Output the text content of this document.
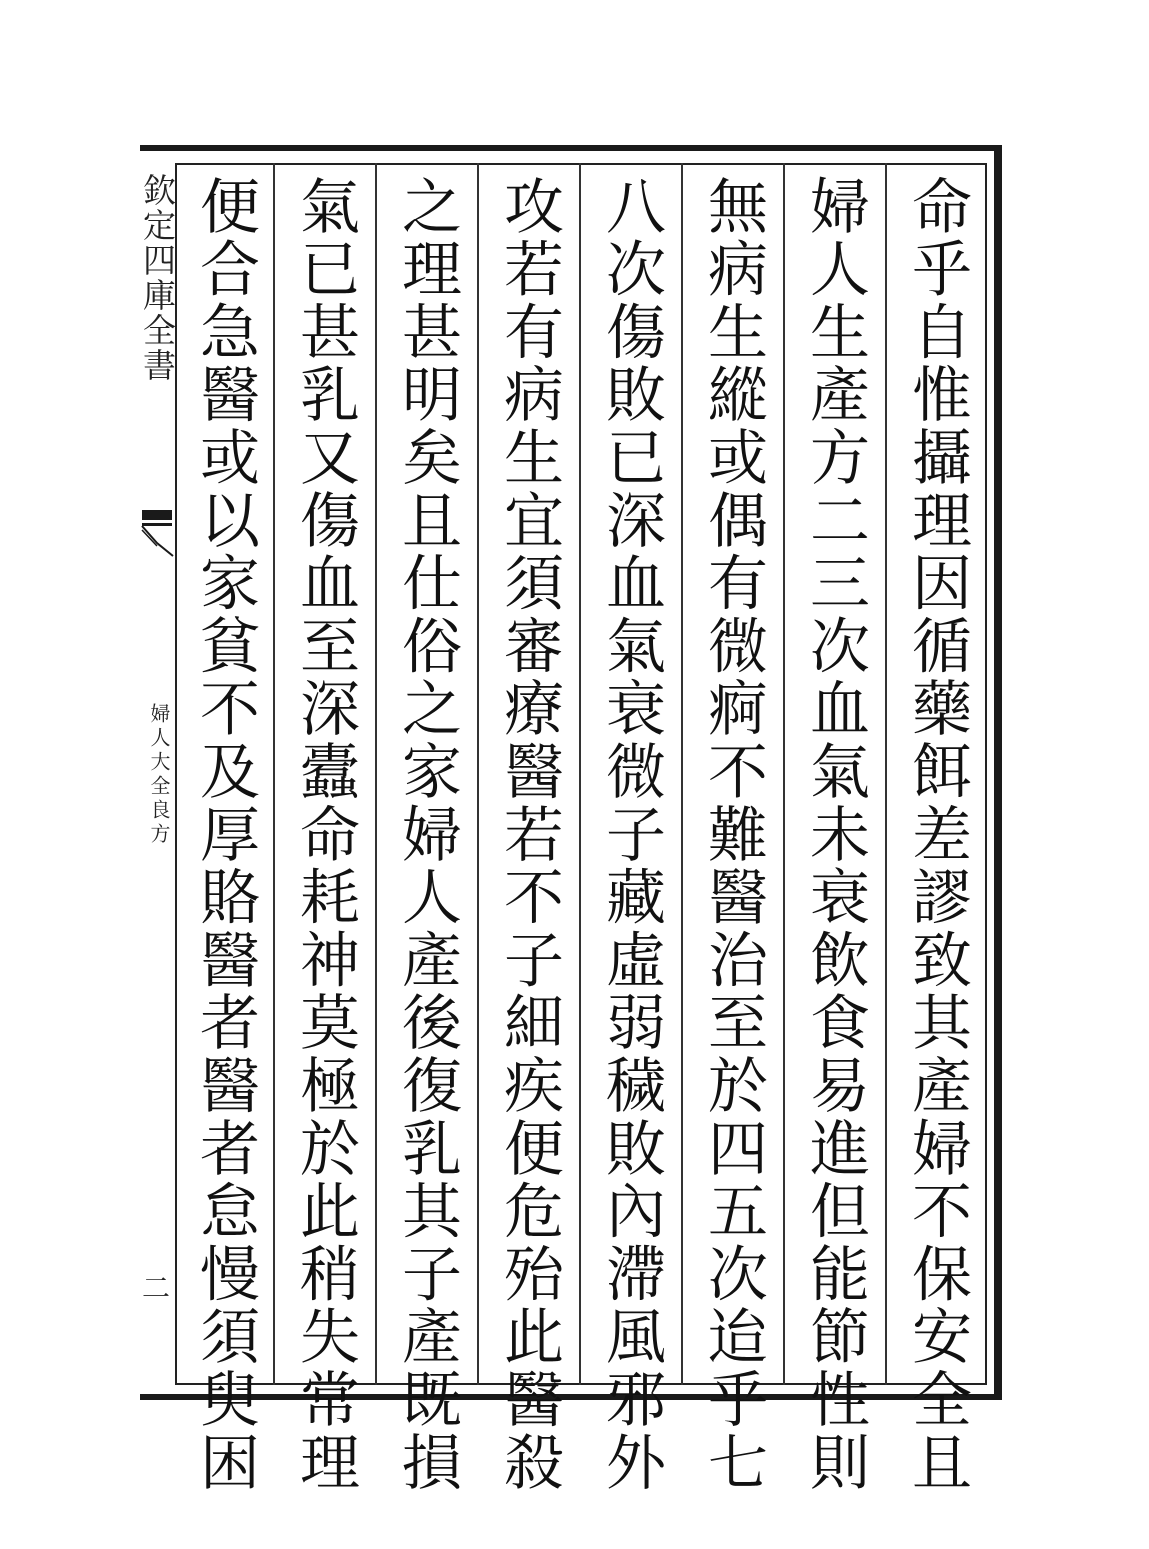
欽定四庫全書
婦人大全良方
二	命乎自惟攝理因循藥餌差謬致其產婦不保安全且
婦人生產方二三次血氣未衰飲食易進但能節性則
無病生縱或偶有微痾不難醫治至於四五次迨乎七
八次傷敗已深血氣衰微子藏虛弱穢敗內滯風邪外
攻若有病生宜須審療醫若不子細疾便危殆此醫殺
之理甚明矣且仕俗之家婦人產後復乳其子產既損
氣已甚乳又傷血至深蠹命耗神莫極於此稍失常理
便合急醫或以家貧不及厚賂醫者醫者怠慢須臾困
